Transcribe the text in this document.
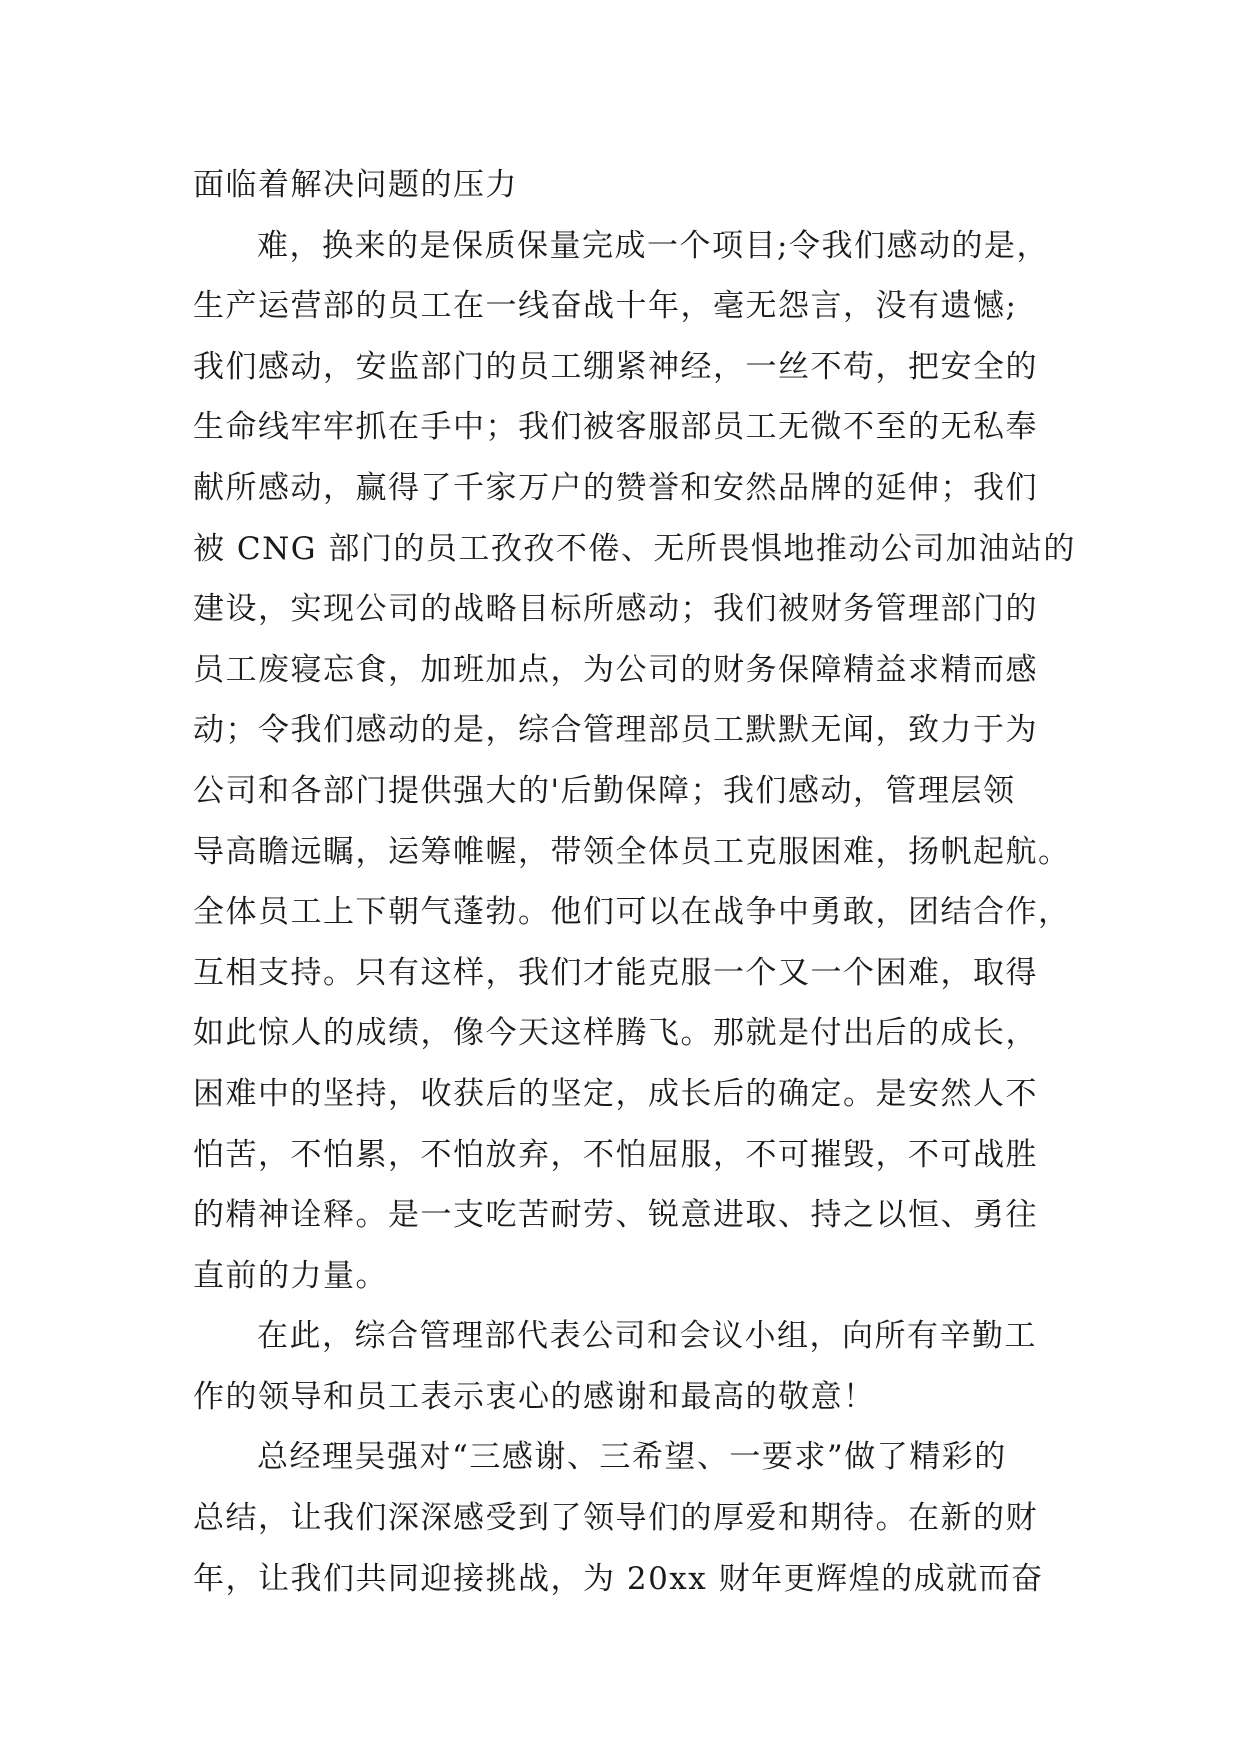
面临着解决问题的压力
难，换来的是保质保量完成一个项目;令我们感动的是，
生产运营部的员工在一线奋战十年，毫无怨言，没有遗憾;
我们感动，安监部门的员工绷紧神经，一丝不苟，把安全的
生命线牢牢抓在手中；我们被客服部员工无微不至的无私奉
献所感动，赢得了千家万户的赞誉和安然品牌的延伸；我们
被 CNG 部门的员工孜孜不倦、无所畏惧地推动公司加油站的
建设，实现公司的战略目标所感动；我们被财务管理部门的
员工废寝忘食，加班加点，为公司的财务保障精益求精而感
动；令我们感动的是，综合管理部员工默默无闻，致力于为
公司和各部门提供强大的'后勤保障；我们感动，管理层领
导高瞻远瞩，运筹帷幄，带领全体员工克服困难，扬帆起航。
全体员工上下朝气蓬勃。他们可以在战争中勇敢，团结合作，
互相支持。只有这样，我们才能克服一个又一个困难，取得
如此惊人的成绩，像今天这样腾飞。那就是付出后的成长，
困难中的坚持，收获后的坚定，成长后的确定。是安然人不
怕苦，不怕累，不怕放弃，不怕屈服，不可摧毁，不可战胜
的精神诠释。是一支吃苦耐劳、锐意进取、持之以恒、勇往
直前的力量。
在此，综合管理部代表公司和会议小组，向所有辛勤工
作的领导和员工表示衷心的感谢和最高的敬意！
总经理吴强对“三感谢、三希望、一要求”做了精彩的
总结，让我们深深感受到了领导们的厚爱和期待。在新的财
年，让我们共同迎接挑战，为 20xx 财年更辉煌的成就而奋
